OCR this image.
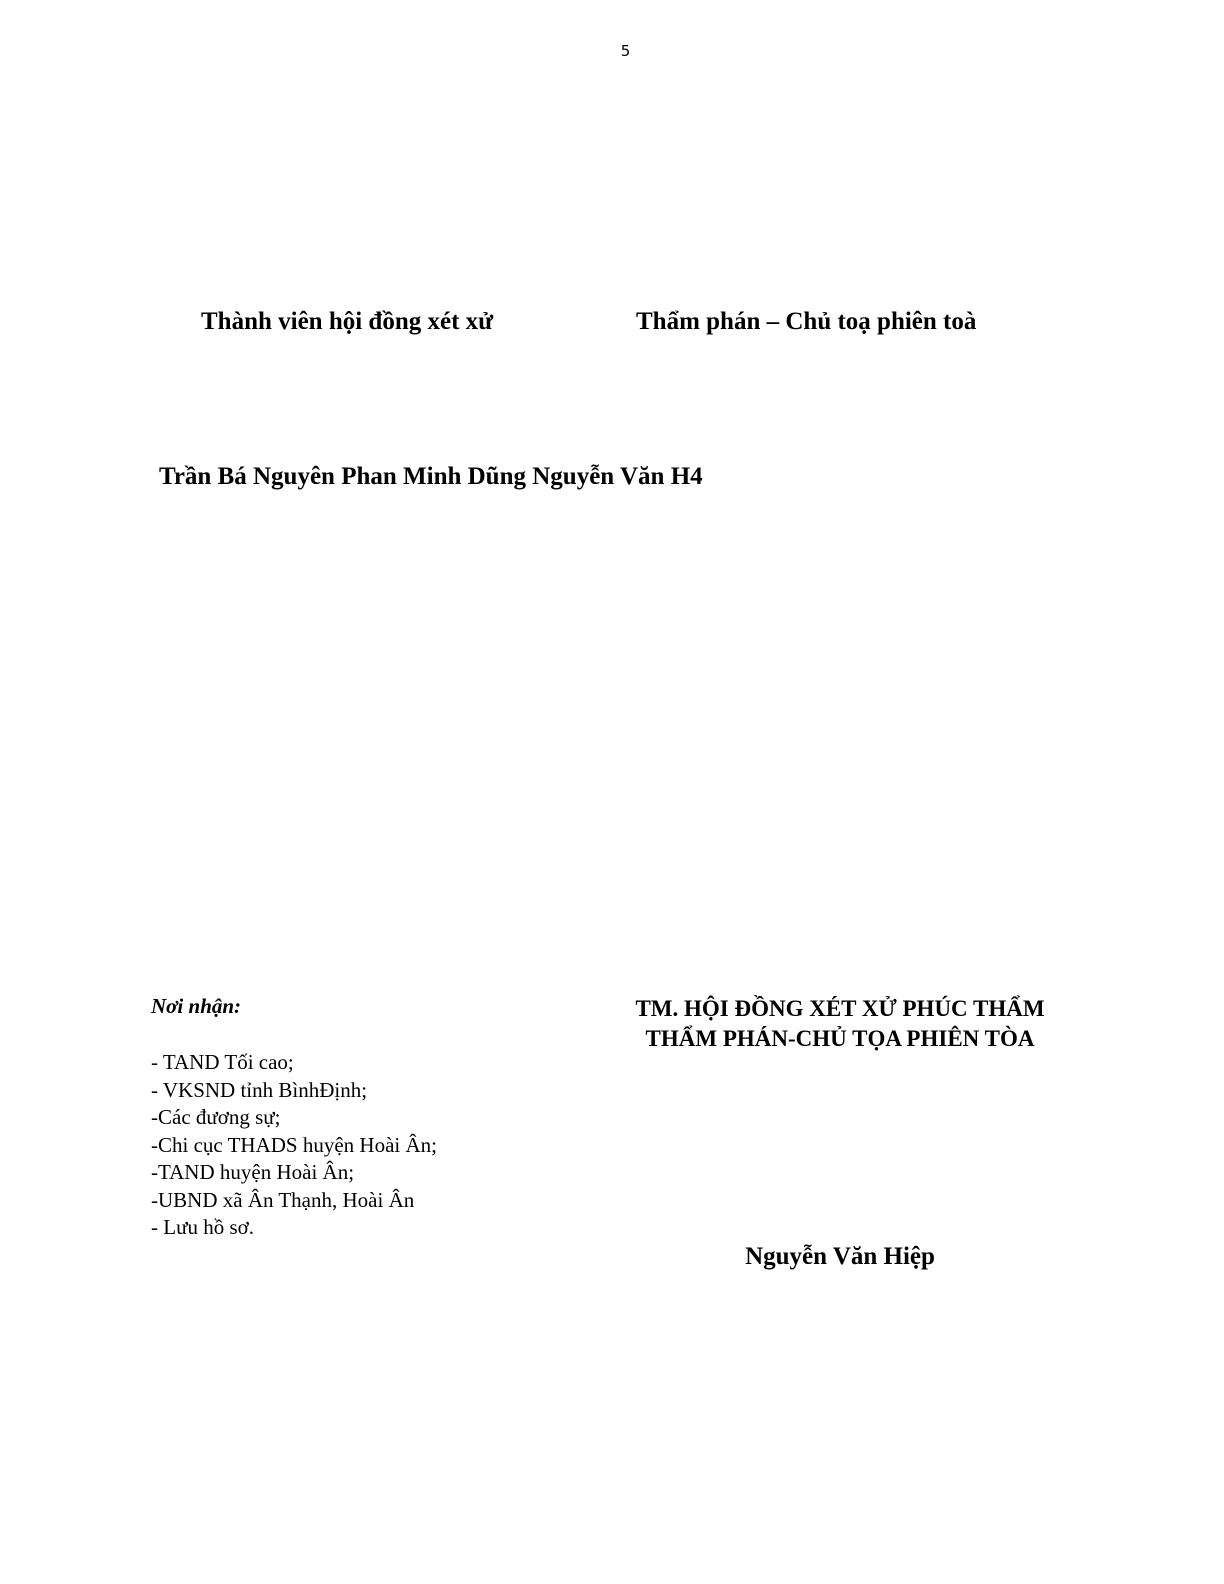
5
Thành viên hội đồng xét xử	Thẩm phán – Chủ toạ phiên toà
Trần Bá Nguyên Phan Minh Dũng Nguyễn Văn H4
Nơi nhận:
- TAND Tối cao;
- VKSND tỉnh BìnhĐịnh;
-Các đương sự;
-Chi cục THADS huyện Hoài Ân;
-TAND huyện Hoài Ân;
-UBND xã Ân Thạnh, Hoài Ân
- Lưu hồ sơ.
TM. HỘI ĐỒNG XÉT XỬ PHÚC THẨM
THẨM PHÁN-CHỦ TỌA PHIÊN TÒA
Nguyễn Văn Hiệp
